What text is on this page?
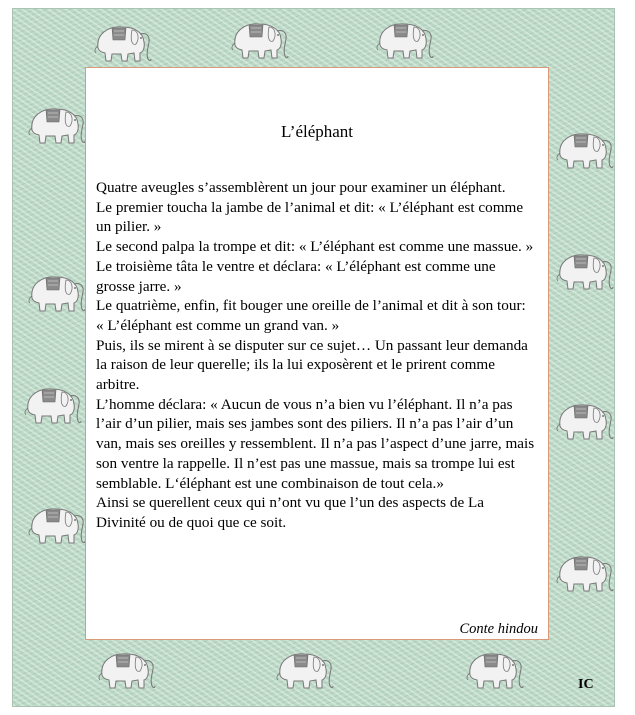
L’éléphant

Quatre aveugles s’assemblèrent un jour pour examiner un éléphant.

Le premier toucha la jambe de l’animal et dit: « L’éléphant est comme un pilier. »

Le second palpa la trompe et dit: « L’éléphant est comme une massue. »

Le troisième tâta le ventre et déclara: « L’éléphant est comme une grosse jarre. »

Le quatrième, enfin, fit bouger une oreille de l’animal et dit à son tour: « L’éléphant est comme un grand van. »

Puis, ils se mirent à se disputer sur ce sujet… Un passant leur demanda la raison de leur querelle; ils la lui exposèrent et le prirent comme arbitre.

L’homme déclara: « Aucun de vous n’a bien vu l’éléphant. Il n’a pas l’air d’un pilier, mais ses jambes sont des piliers. Il n’a pas l’air d’un van, mais ses oreilles y ressemblent. Il n’a pas l’aspect d’une jarre, mais son ventre la rappelle. Il n’est pas une massue, mais sa trompe lui est semblable. L‘éléphant est une combinaison de tout cela.»

Ainsi se querellent ceux qui n’ont vu que l’un des aspects de La Divinité ou de quoi que ce soit.

Conte hindou
IC
